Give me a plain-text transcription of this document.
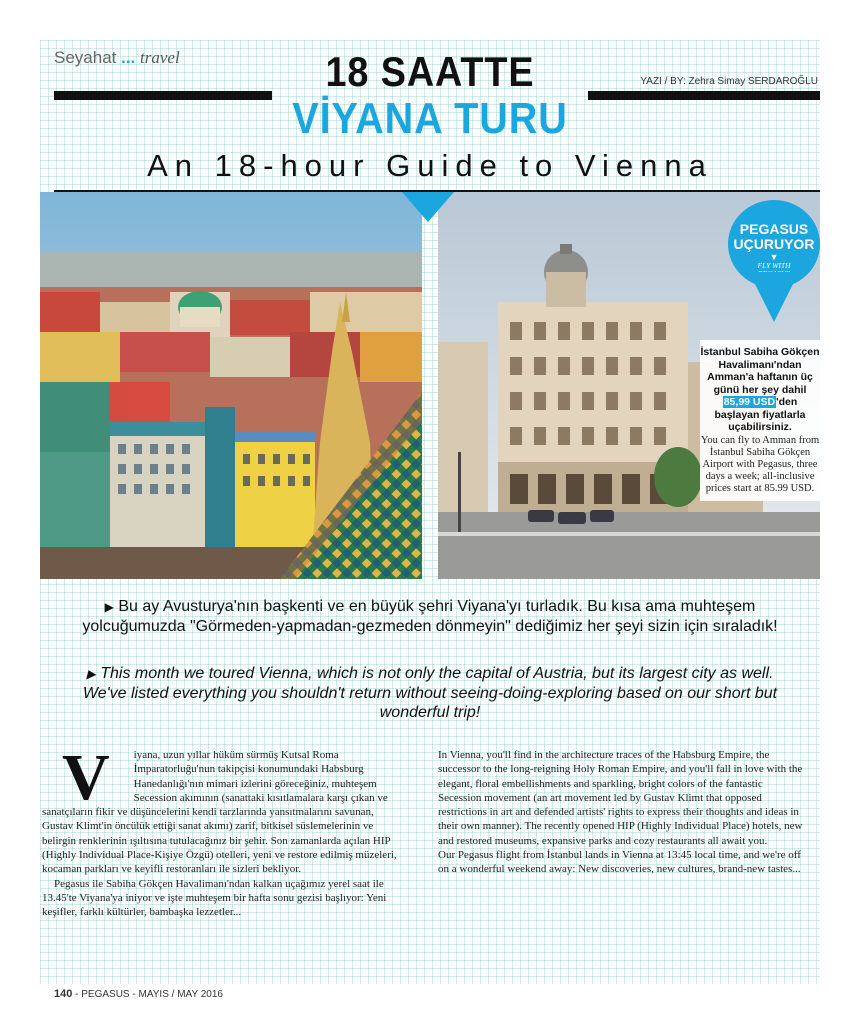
Seyahat ... travel	18 SAATTE
VİYANA TURU
YAZI / BY: Zehra Simay SERDAROĞLU
An 18-hour Guide to Vienna
PEGASUS
UÇURUYOR
▼
FLY WITH
PEGASUS
İstanbul Sabiha Gökçen Havalimanı'ndan Amman'a haftanın üç günü her şey dahil 85,99 USD'den başlayan fiyatlarla uçabilirsiniz.
You can fly to Amman from İstanbul Sabiha Gökçen Airport with Pegasus, three days a week; all-inclusive prices start at 85.99 USD.
▶ Bu ay Avusturya'nın başkenti ve en büyük şehri Viyana'yı turladık. Bu kısa ama muhteşem yolcuğumuzda "Görmeden-yapmadan-gezmeden dönmeyin" dediğimiz her şeyi sizin için sıraladık!
▶ This month we toured Vienna, which is not only the capital of Austria, but its largest city as well. We've listed everything you shouldn't return without seeing-doing-exploring based on our short but wonderful trip!

V iyana, uzun yıllar hüküm sürmüş Kutsal Roma İmparatorluğu'nun takipçisi konumundaki Habsburg Hanedanlığı'nın mimari izlerini göreceğiniz, muhteşem Secession akımının (sanattaki kısıtlamalara karşı çıkan ve sanatçıların fikir ve düşüncelerini kendi tarzlarında yansıtmalarını savunan, Gustav Klimt'in öncülük ettiği sanat akımı) zarif, bitkisel süslemelerinin ve belirgin renklerinin ışıltısına tutulacağınız bir şehir. Son zamanlarda açılan HIP (Highly Individual Place-Kişiye Özgü) otelleri, yeni ve restore edilmiş müzeleri, kocaman parkları ve keyifli restoranları ile sizleri bekliyor.

Pegasus ile Sabiha Gökçen Havalimanı'ndan kalkan uçağımız yerel saat ile 13.45'te Viyana'ya iniyor ve işte muhteşem bir hafta sonu gezisi başlıyor: Yeni keşifler, farklı kültürler, bambaşka lezzetler...

In Vienna, you'll find in the architecture traces of the Habsburg Empire, the successor to the long-reigning Holy Roman Empire, and you'll fall in love with the elegant, floral embellishments and sparkling, bright colors of the fantastic Secession movement (an art movement led by Gustav Klimt that opposed restrictions in art and defended artists' rights to express their thoughts and ideas in their own manner). The recently opened HIP (Highly Individual Place) hotels, new and restored museums, expansive parks and cozy restaurants all await you.

Our Pegasus flight from İstanbul lands in Vienna at 13:45 local time, and we're off on a wonderful weekend away: New discoveries, new cultures, brand-new tastes...

140 - PEGASUS - MAYIS / MAY 2016
